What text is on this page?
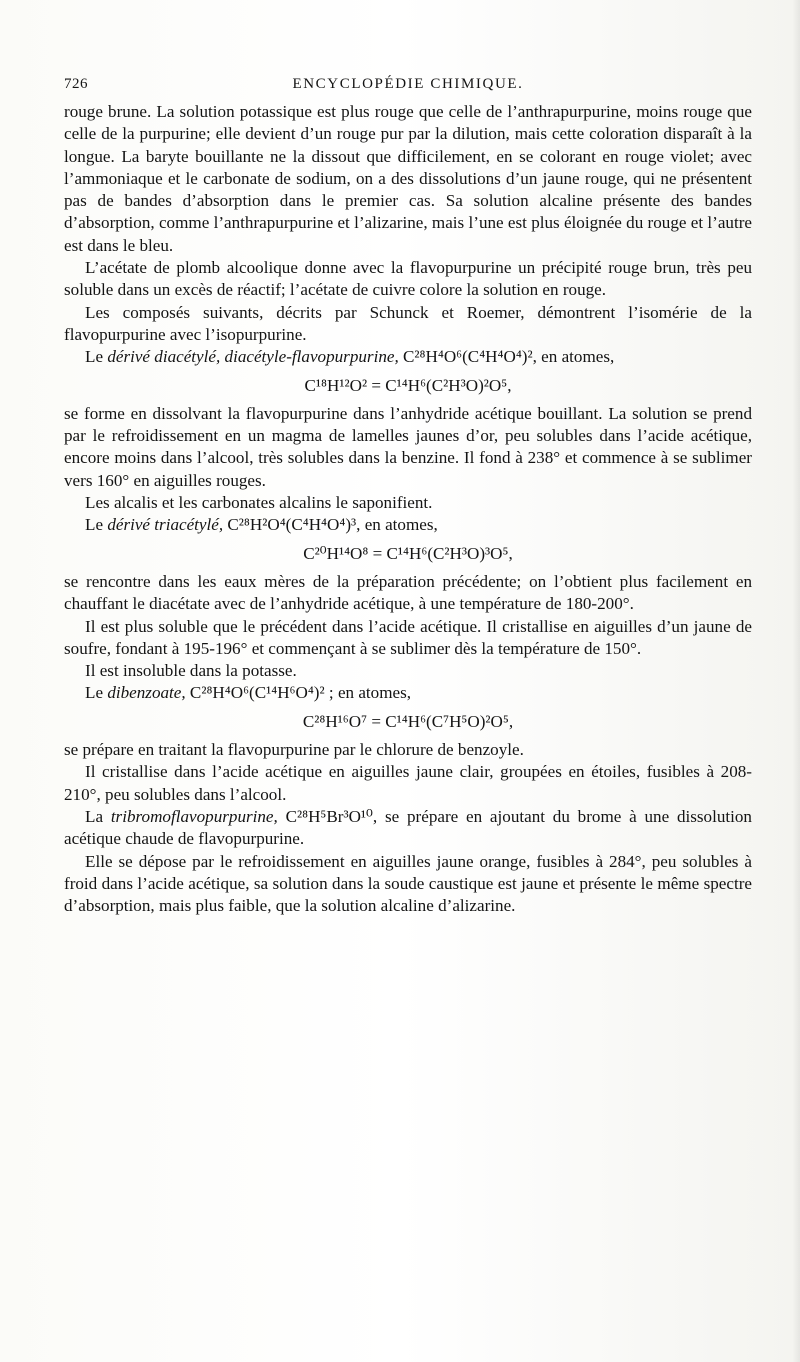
726	ENCYCLOPÉDIE CHIMIQUE.

rouge brune. La solution potassique est plus rouge que celle de l’anthrapurpurine, moins rouge que celle de la purpurine; elle devient d’un rouge pur par la dilution, mais cette coloration disparaît à la longue. La baryte bouillante ne la dissout que difficilement, en se colorant en rouge violet; avec l’ammoniaque et le carbonate de sodium, on a des dissolutions d’un jaune rouge, qui ne présentent pas de bandes d’absorption dans le premier cas. Sa solution alcaline présente des bandes d’absorption, comme l’anthrapurpurine et l’alizarine, mais l’une est plus éloignée du rouge et l’autre est dans le bleu.

L’acétate de plomb alcoolique donne avec la flavopurpurine un précipité rouge brun, très peu soluble dans un excès de réactif; l’acétate de cuivre colore la solution en rouge.

Les composés suivants, décrits par Schunck et Roemer, démontrent l’isomérie de la flavopurpurine avec l’isopurpurine.

Le dérivé diacétylé, diacétyle-flavopurpurine, C²⁸H⁴O⁶(C⁴H⁴O⁴)², en atomes,

C¹⁸H¹²O² = C¹⁴H⁶(C²H³O)²O⁵,

se forme en dissolvant la flavopurpurine dans l’anhydride acétique bouillant. La solution se prend par le refroidissement en un magma de lamelles jaunes d’or, peu solubles dans l’acide acétique, encore moins dans l’alcool, très solubles dans la benzine. Il fond à 238° et commence à se sublimer vers 160° en aiguilles rouges.

Les alcalis et les carbonates alcalins le saponifient.

Le dérivé triacétylé, C²⁸H²O⁴(C⁴H⁴O⁴)³, en atomes,

C²⁰H¹⁴O⁸ = C¹⁴H⁶(C²H³O)³O⁵,

se rencontre dans les eaux mères de la préparation précédente; on l’obtient plus facilement en chauffant le diacétate avec de l’anhydride acétique, à une température de 180-200°.

Il est plus soluble que le précédent dans l’acide acétique. Il cristallise en aiguilles d’un jaune de soufre, fondant à 195-196° et commençant à se sublimer dès la température de 150°.

Il est insoluble dans la potasse.

Le dibenzoate, C²⁸H⁴O⁶(C¹⁴H⁶O⁴)² ; en atomes,

C²⁸H¹⁶O⁷ = C¹⁴H⁶(C⁷H⁵O)²O⁵,

se prépare en traitant la flavopurpurine par le chlorure de benzoyle.

Il cristallise dans l’acide acétique en aiguilles jaune clair, groupées en étoiles, fusibles à 208-210°, peu solubles dans l’alcool.

La tribromoflavopurpurine, C²⁸H⁵Br³O¹⁰, se prépare en ajoutant du brome à une dissolution acétique chaude de flavopurpurine.

Elle se dépose par le refroidissement en aiguilles jaune orange, fusibles à 284°, peu solubles à froid dans l’acide acétique, sa solution dans la soude caustique est jaune et présente le même spectre d’absorption, mais plus faible, que la solution alcaline d’alizarine.
